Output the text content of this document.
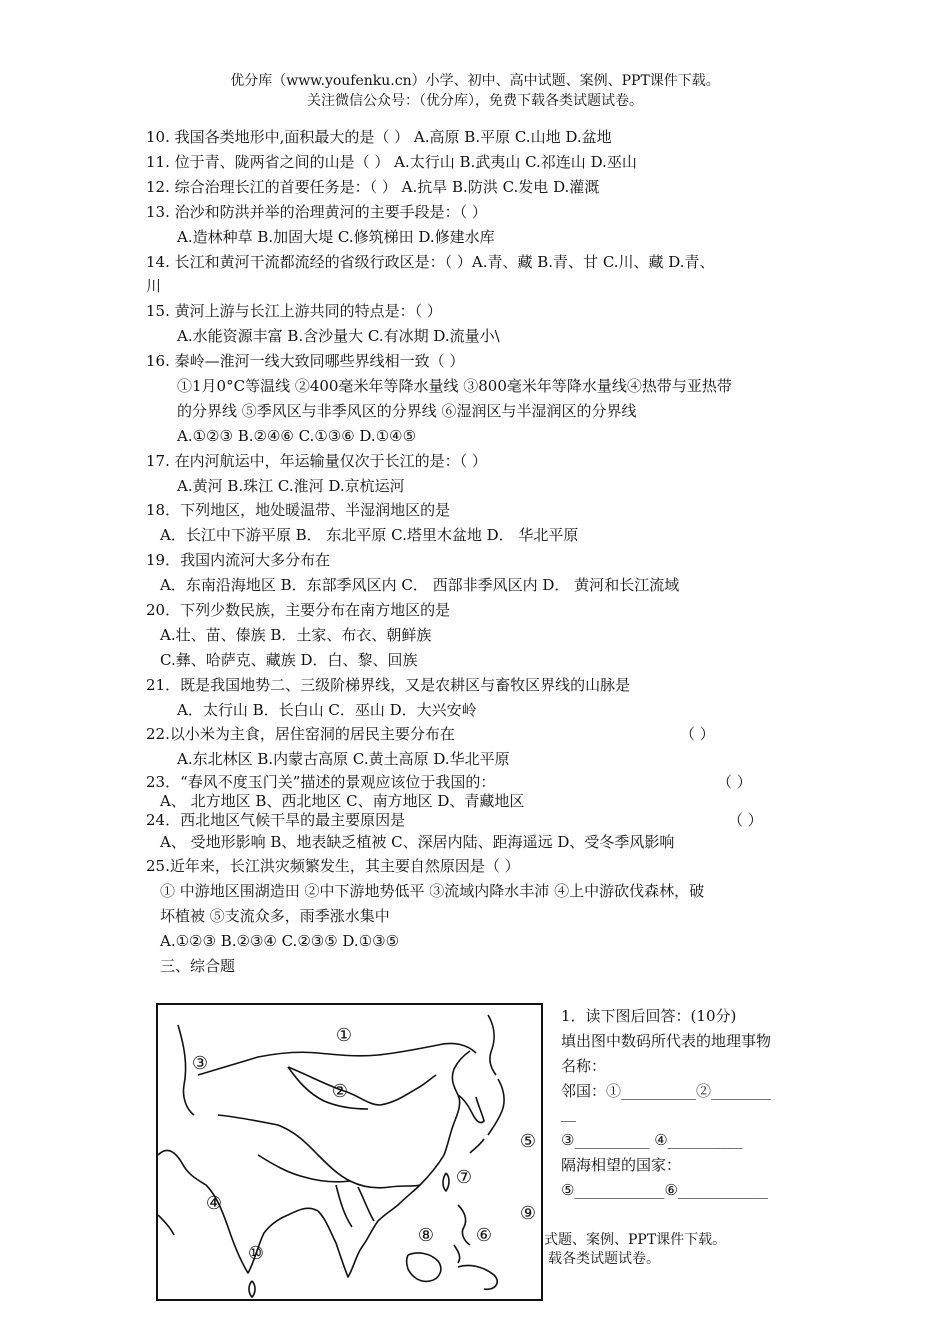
优分库（www.youfenku.cn）小学、初中、高中试题、案例、PPT课件下载。
关注微信公众号：（优分库），免费下载各类试题试卷。
10. 我国各类地形中,面积最大的是（ ） A.高原 B.平原 C.山地 D.盆地
11. 位于青、陇两省之间的山是（ ） A.太行山 B.武夷山 C.祁连山 D.巫山
12. 综合治理长江的首要任务是：（ ） A.抗旱 B.防洪 C.发电 D.灌溉
13. 治沙和防洪并举的治理黄河的主要手段是：（ ）
A.造林种草 B.加固大堤 C.修筑梯田 D.修建水库
14. 长江和黄河干流都流经的省级行政区是：（ ）A.青、藏 B.青、甘 C.川、藏 D.青、
川
15. 黄河上游与长江上游共同的特点是：（ ）
A.水能资源丰富 B.含沙量大 C.有冰期 D.流量小\
16. 秦岭—淮河一线大致同哪些界线相一致（ ）
①1月0°C等温线 ②400毫米年等降水量线 ③800毫米年等降水量线④热带与亚热带
的分界线 ⑤季风区与非季风区的分界线 ⑥湿润区与半湿润区的分界线
A.①②③ B.②④⑥ C.①③⑥ D.①④⑤
17. 在内河航运中，年运输量仅次于长江的是：（ ）
A.黄河 B.珠江 C.淮河 D.京杭运河
18．下列地区，地处暖温带、半湿润地区的是
A．长江中下游平原 B． 东北平原 C.塔里木盆地 D． 华北平原
19．我国内流河大多分布在
A．东南沿海地区 B．东部季风区内 C． 西部非季风区内 D． 黄河和长江流域
20．下列少数民族，主要分布在南方地区的是
A.壮、苗、傣族 B．土家、布衣、朝鲜族
C.彝、哈萨克、藏族 D．白、黎、回族
21．既是我国地势二、三级阶梯界线，又是农耕区与畜牧区界线的山脉是
A．太行山 B．长白山 C．巫山 D．大兴安岭
22.以小米为主食，居住窑洞的居民主要分布在	（ ）
A.东北林区 B.内蒙古高原 C.黄土高原 D.华北平原
23．“春风不度玉门关”描述的景观应该位于我国的：	（ ）
A、 北方地区 B、西北地区 C、南方地区 D、青藏地区
24．西北地区气候干旱的最主要原因是	（ ）
A、 受地形影响 B、地表缺乏植被 C、深居内陆、距海遥远 D、受冬季风影响
25.近年来，长江洪灾频繁发生，其主要自然原因是（ ）
① 中游地区围湖造田 ②中下游地势低平 ③流域内降水丰沛 ④上中游砍伐森林，破
坏植被 ⑤支流众多，雨季涨水集中
A.①②③ B.②③④ C.②③⑤ D.①③⑤
三、综合题
①
②
③
④
⑤
⑥
⑦
⑧
⑨
⑩
1．读下图后回答：(10分)
填出图中数码所代表的地理事物
名称：
邻国：①__________②________
__
③__________ ④__________
隔海相望的国家：
⑤____________⑥____________
式题、案例、PPT课件下载。
载各类试题试卷。
